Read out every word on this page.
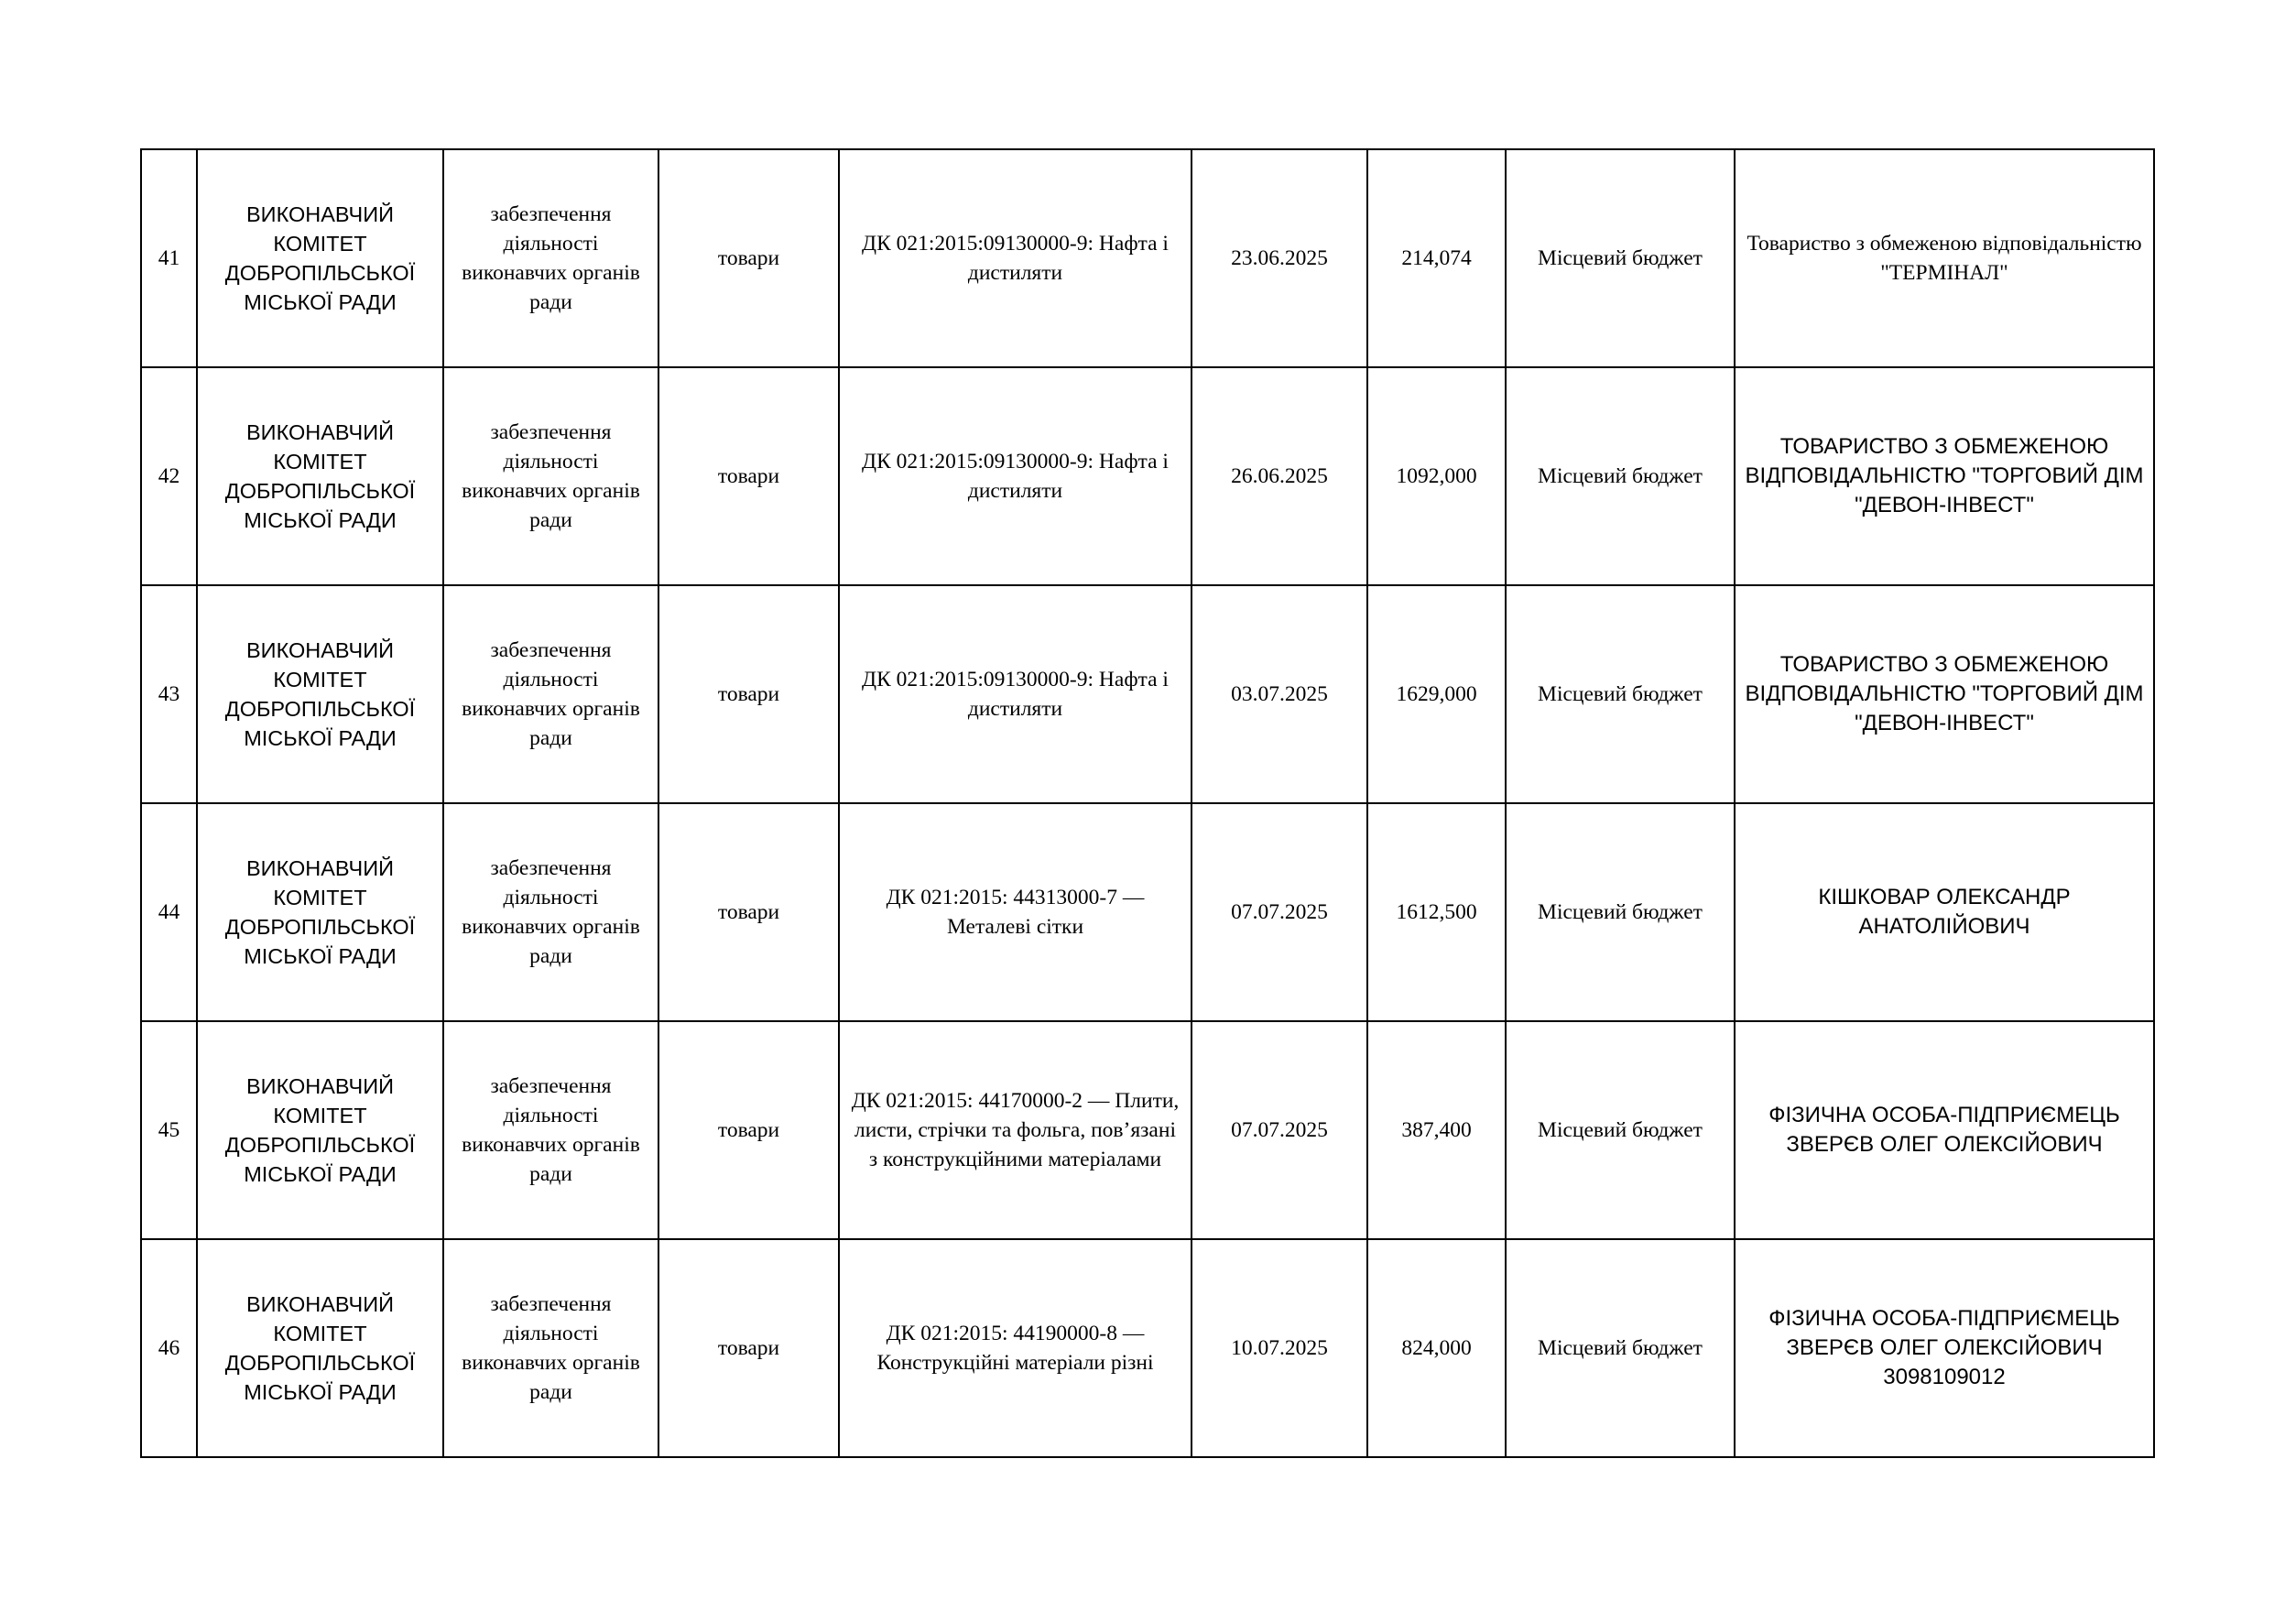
41	ВИКОНАВЧИЙ КОМІТЕТ ДОБРОПІЛЬСЬКОЇ МІСЬКОЇ РАДИ	забезпечення діяльності виконавчих органів ради	товари	ДК 021:2015:09130000-9: Нафта і дистиляти	23.06.2025	214,074	Місцевий бюджет	Товариство з обмеженою відповідальністю "ТЕРМІНАЛ"

42	ВИКОНАВЧИЙ КОМІТЕТ ДОБРОПІЛЬСЬКОЇ МІСЬКОЇ РАДИ	забезпечення діяльності виконавчих органів ради	товари	ДК 021:2015:09130000-9: Нафта і дистиляти	26.06.2025	1092,000	Місцевий бюджет	ТОВАРИСТВО З ОБМЕЖЕНОЮ ВІДПОВІДАЛЬНІСТЮ "ТОРГОВИЙ ДІМ "ДЕВОН-ІНВЕСТ"

43	ВИКОНАВЧИЙ КОМІТЕТ ДОБРОПІЛЬСЬКОЇ МІСЬКОЇ РАДИ	забезпечення діяльності виконавчих органів ради	товари	ДК 021:2015:09130000-9: Нафта і дистиляти	03.07.2025	1629,000	Місцевий бюджет	ТОВАРИСТВО З ОБМЕЖЕНОЮ ВІДПОВІДАЛЬНІСТЮ "ТОРГОВИЙ ДІМ "ДЕВОН-ІНВЕСТ"

44	ВИКОНАВЧИЙ КОМІТЕТ ДОБРОПІЛЬСЬКОЇ МІСЬКОЇ РАДИ	забезпечення діяльності виконавчих органів ради	товари	ДК 021:2015: 44313000-7 — Металеві сітки	07.07.2025	1612,500	Місцевий бюджет	КІШКОВАР ОЛЕКСАНДР АНАТОЛІЙОВИЧ

45	ВИКОНАВЧИЙ КОМІТЕТ ДОБРОПІЛЬСЬКОЇ МІСЬКОЇ РАДИ	забезпечення діяльності виконавчих органів ради	товари	ДК 021:2015: 44170000-2 — Плити, листи, стрічки та фольга, пов’язані з конструкційними матеріалами	07.07.2025	387,400	Місцевий бюджет	ФІЗИЧНА ОСОБА-ПІДПРИЄМЕЦЬ ЗВЕРЄВ ОЛЕГ ОЛЕКСІЙОВИЧ

46	ВИКОНАВЧИЙ КОМІТЕТ ДОБРОПІЛЬСЬКОЇ МІСЬКОЇ РАДИ	забезпечення діяльності виконавчих органів ради	товари	ДК 021:2015: 44190000-8 — Конструкційні матеріали різні	10.07.2025	824,000	Місцевий бюджет	ФІЗИЧНА ОСОБА-ПІДПРИЄМЕЦЬ ЗВЕРЄВ ОЛЕГ ОЛЕКСІЙОВИЧ
3098109012
